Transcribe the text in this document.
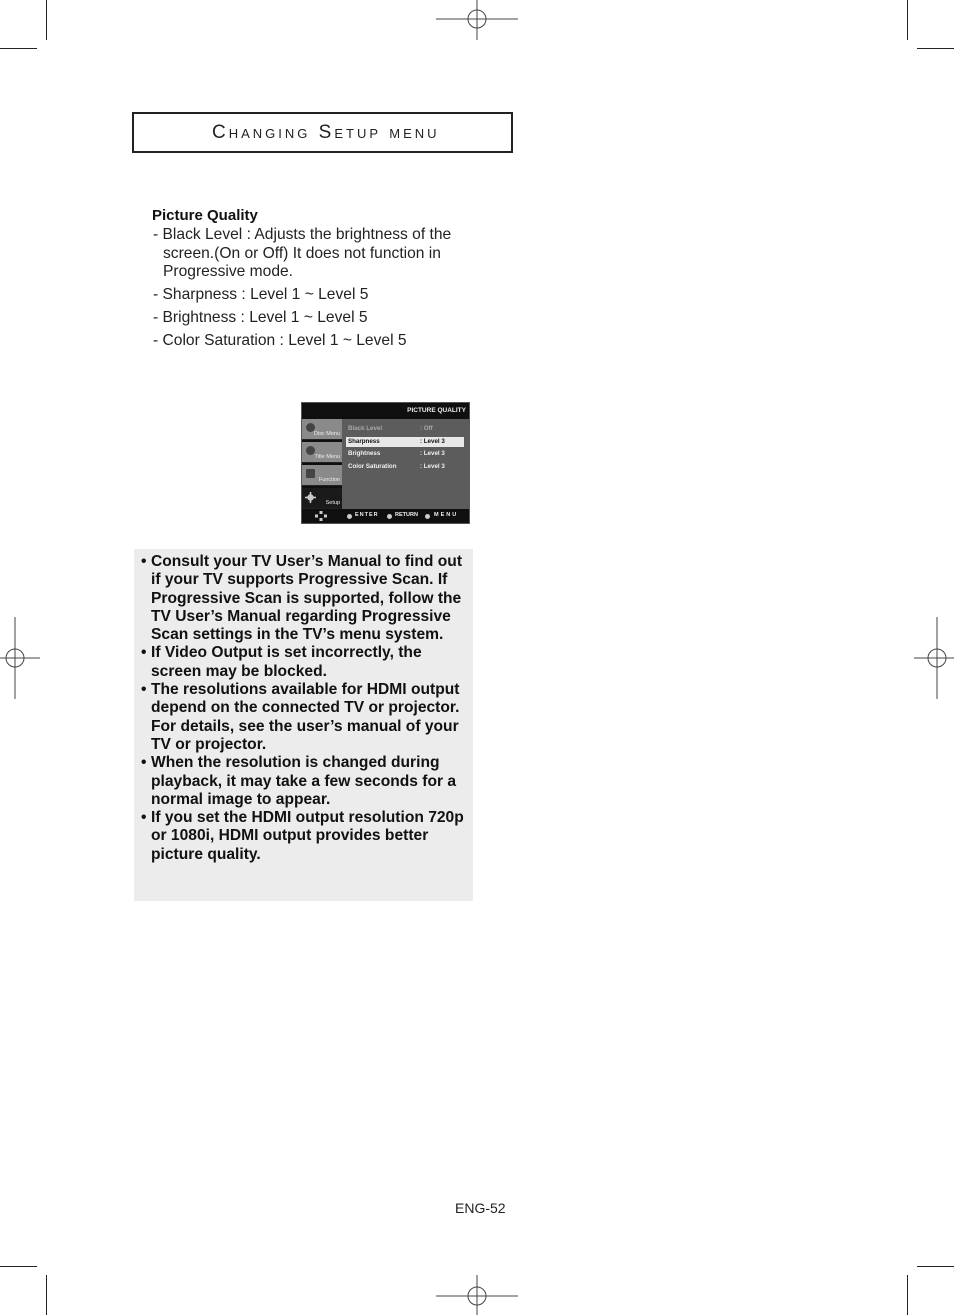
Changing Setup menu
Picture Quality
- Black Level : Adjusts the brightness of the
screen.(On or Off) It does not function in
Progressive mode.
- Sharpness : Level 1 ~ Level 5
- Brightness : Level 1 ~ Level 5
- Color Saturation : Level 1 ~ Level 5
PICTURE QUALITY
Disc Menu
Title Menu
Function
Setup
Black Level	: Off
Sharpness	: Level 3
Brightness	: Level 3
Color Saturation	: Level 3
ENTER	RETURN	MENU
• Consult your TV User’s Manual to find out if your TV supports Progressive Scan. If Progressive Scan is supported, follow the TV User’s Manual regarding Progressive Scan settings in the TV’s menu system.
• If Video Output is set incorrectly, the screen may be blocked.
• The resolutions available for HDMI output depend on the connected TV or projector. For details, see the user’s manual of your TV or projector.
• When the resolution is changed during playback, it may take a few seconds for a normal image to appear.
• If you set the HDMI output resolution 720p or 1080i, HDMI output provides better picture quality.
ENG-52
